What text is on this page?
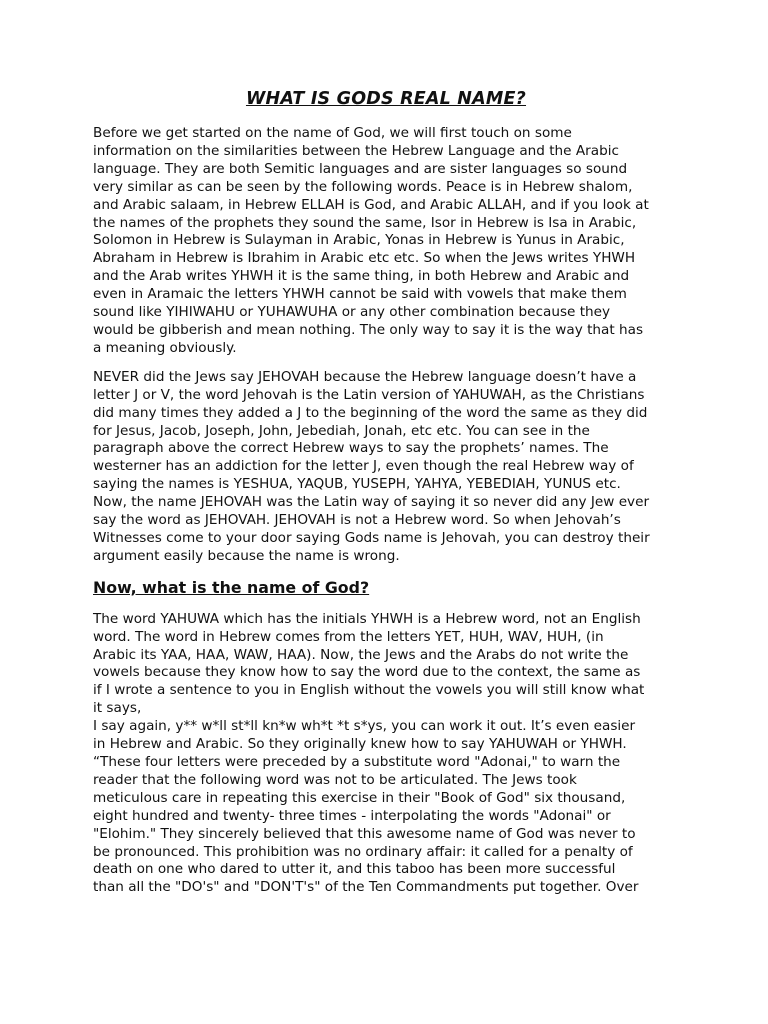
WHAT IS GODS REAL NAME?

Before we get started on the name of God, we will first touch on some
information on the similarities between the Hebrew Language and the Arabic
language. They are both Semitic languages and are sister languages so sound
very similar as can be seen by the following words. Peace is in Hebrew shalom,
and Arabic salaam, in Hebrew ELLAH is God, and Arabic ALLAH, and if you look at
the names of the prophets they sound the same, Isor in Hebrew is Isa in Arabic,
Solomon in Hebrew is Sulayman in Arabic, Yonas in Hebrew is Yunus in Arabic,
Abraham in Hebrew is Ibrahim in Arabic etc etc. So when the Jews writes YHWH
and the Arab writes YHWH it is the same thing, in both Hebrew and Arabic and
even in Aramaic the letters YHWH cannot be said with vowels that make them
sound like YIHIWAHU or YUHAWUHA or any other combination because they
would be gibberish and mean nothing. The only way to say it is the way that has
a meaning obviously.

NEVER did the Jews say JEHOVAH because the Hebrew language doesn’t have a
letter J or V, the word Jehovah is the Latin version of YAHUWAH, as the Christians
did many times they added a J to the beginning of the word the same as they did
for Jesus, Jacob, Joseph, John, Jebediah, Jonah, etc etc. You can see in the
paragraph above the correct Hebrew ways to say the prophets’ names. The
westerner has an addiction for the letter J, even though the real Hebrew way of
saying the names is YESHUA, YAQUB, YUSEPH, YAHYA, YEBEDIAH, YUNUS etc.
Now, the name JEHOVAH was the Latin way of saying it so never did any Jew ever
say the word as JEHOVAH. JEHOVAH is not a Hebrew word. So when Jehovah’s
Witnesses come to your door saying Gods name is Jehovah, you can destroy their
argument easily because the name is wrong.

Now, what is the name of God?

The word YAHUWA which has the initials YHWH is a Hebrew word, not an English
word. The word in Hebrew comes from the letters YET, HUH, WAV, HUH, (in
Arabic its YAA, HAA, WAW, HAA). Now, the Jews and the Arabs do not write the
vowels because they know how to say the word due to the context, the same as
if I wrote a sentence to you in English without the vowels you will still know what
it says,
I say again, y** w*ll st*ll kn*w wh*t *t s*ys, you can work it out. It’s even easier
in Hebrew and Arabic. So they originally knew how to say YAHUWAH or YHWH.
“These four letters were preceded by a substitute word "Adonai," to warn the
reader that the following word was not to be articulated. The Jews took
meticulous care in repeating this exercise in their "Book of God" six thousand,
eight hundred and twenty- three times - interpolating the words "Adonai" or
"Elohim." They sincerely believed that this awesome name of God was never to
be pronounced. This prohibition was no ordinary affair: it called for a penalty of
death on one who dared to utter it, and this taboo has been more successful
than all the "DO's" and "DON'T's" of the Ten Commandments put together. Over
